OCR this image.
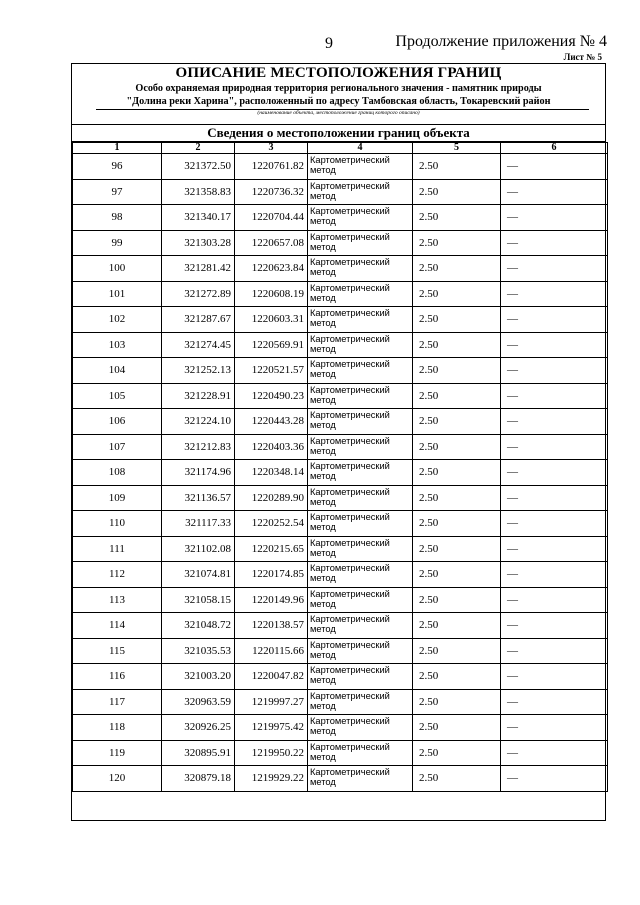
9	Продолжение приложения № 4
Лист № 5
ОПИСАНИЕ МЕСТОПОЛОЖЕНИЯ ГРАНИЦ
Особо охраняемая природная территория регионального значения - памятник природы
"Долина реки Харина", расположенный по адресу Тамбовская область, Токаревский район
(наименование объекта, местоположение границ которого описано)
Сведения о местоположении границ объекта
1	2	3	4	5	6
96	321372.50	1220761.82	Картометрический метод	2.50	—
97	321358.83	1220736.32	Картометрический метод	2.50	—
98	321340.17	1220704.44	Картометрический метод	2.50	—
99	321303.28	1220657.08	Картометрический метод	2.50	—
100	321281.42	1220623.84	Картометрический метод	2.50	—
101	321272.89	1220608.19	Картометрический метод	2.50	—
102	321287.67	1220603.31	Картометрический метод	2.50	—
103	321274.45	1220569.91	Картометрический метод	2.50	—
104	321252.13	1220521.57	Картометрический метод	2.50	—
105	321228.91	1220490.23	Картометрический метод	2.50	—
106	321224.10	1220443.28	Картометрический метод	2.50	—
107	321212.83	1220403.36	Картометрический метод	2.50	—
108	321174.96	1220348.14	Картометрический метод	2.50	—
109	321136.57	1220289.90	Картометрический метод	2.50	—
110	321117.33	1220252.54	Картометрический метод	2.50	—
111	321102.08	1220215.65	Картометрический метод	2.50	—
112	321074.81	1220174.85	Картометрический метод	2.50	—
113	321058.15	1220149.96	Картометрический метод	2.50	—
114	321048.72	1220138.57	Картометрический метод	2.50	—
115	321035.53	1220115.66	Картометрический метод	2.50	—
116	321003.20	1220047.82	Картометрический метод	2.50	—
117	320963.59	1219997.27	Картометрический метод	2.50	—
118	320926.25	1219975.42	Картометрический метод	2.50	—
119	320895.91	1219950.22	Картометрический метод	2.50	—
120	320879.18	1219929.22	Картометрический метод	2.50	—
